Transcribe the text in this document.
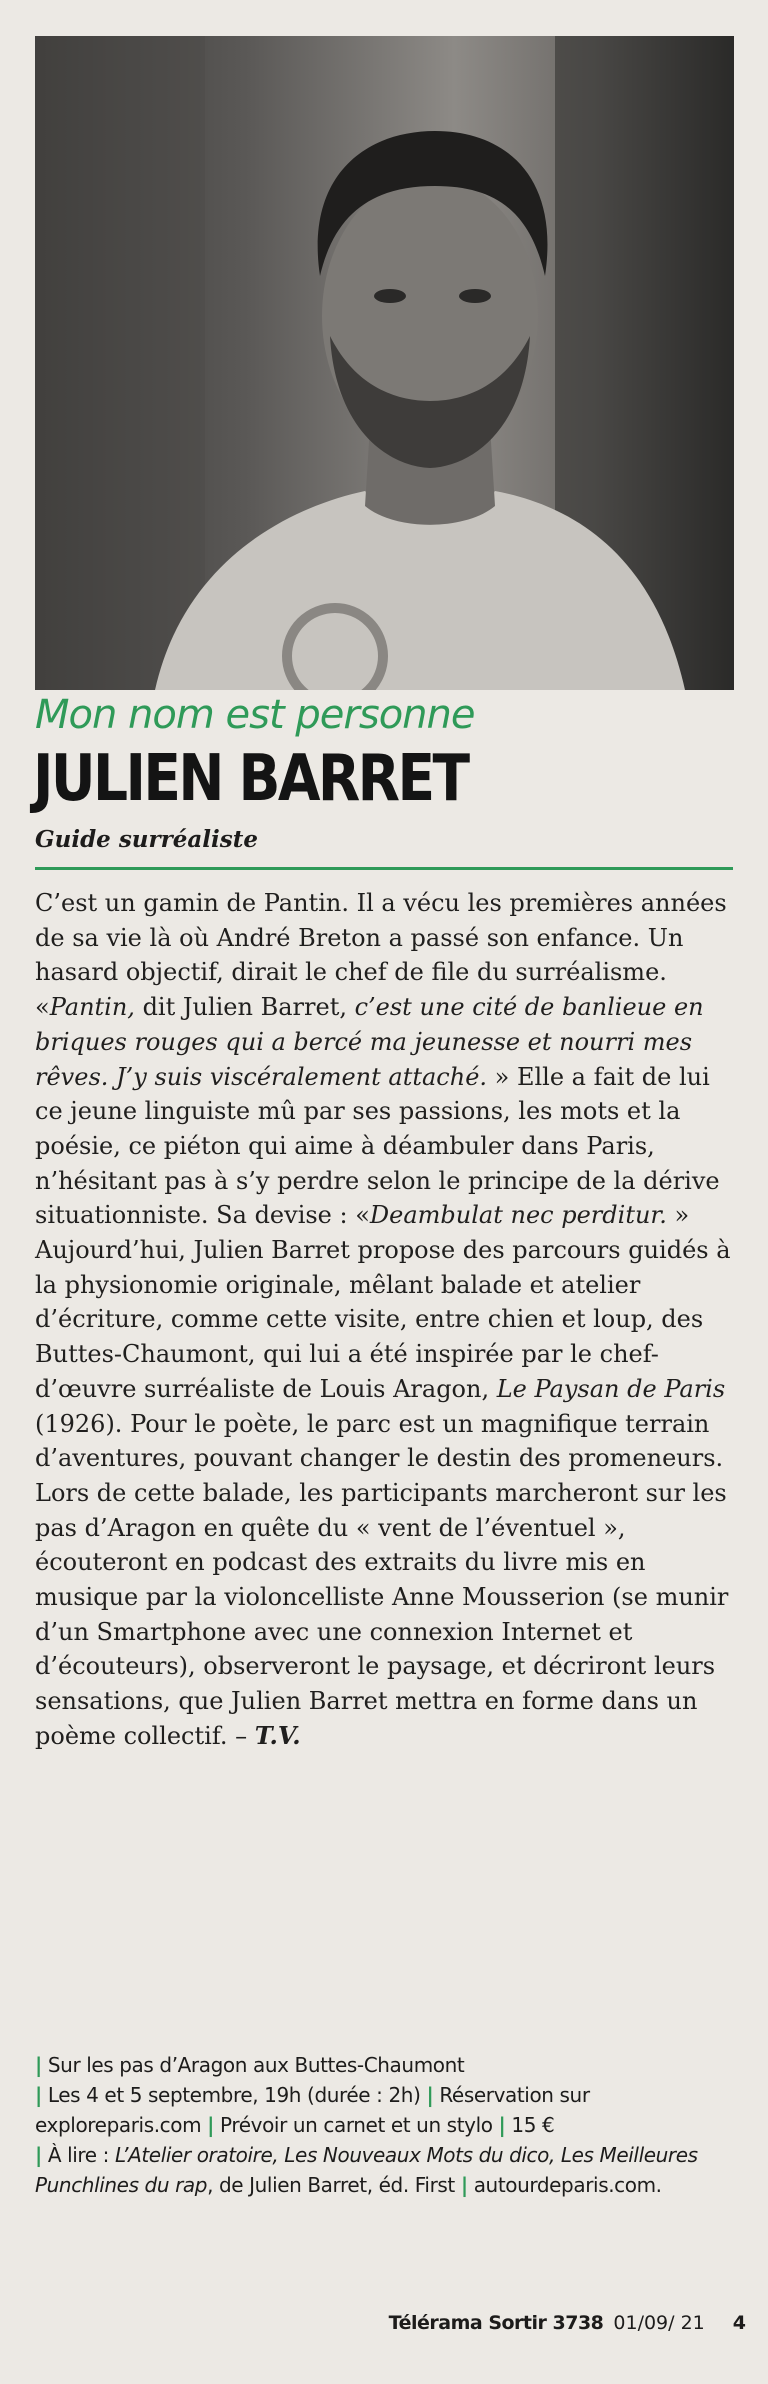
Mon nom est personne
JULIEN BARRET
Guide surréaliste

C’est un gamin de Pantin. Il a vécu les premières années de sa vie là où André Breton a passé son enfance. Un hasard objectif, dirait le chef de file du surréalisme. «Pantin, dit Julien Barret, c’est une cité de banlieue en briques rouges qui a bercé ma jeunesse et nourri mes rêves. J’y suis viscéralement attaché. » Elle a fait de lui ce jeune linguiste mû par ses passions, les mots et la poésie, ce piéton qui aime à déambuler dans Paris, n’hésitant pas à s’y perdre selon le principe de la dérive situationniste. Sa devise : «Deambulat nec perditur. » Aujourd’hui, Julien Barret propose des parcours guidés à la physionomie originale, mêlant balade et atelier d’écriture, comme cette visite, entre chien et loup, des Buttes-Chaumont, qui lui a été inspirée par le chef-d’œuvre surréaliste de Louis Aragon, Le Paysan de Paris (1926). Pour le poète, le parc est un magnifique terrain d’aventures, pouvant changer le destin des promeneurs. Lors de cette balade, les participants marcheront sur les pas d’Aragon en quête du « vent de l’éventuel », écouteront en podcast des extraits du livre mis en musique par la violoncelliste Anne Mousserion (se munir d’un Smartphone avec une connexion Internet et d’écouteurs), observeront le paysage, et décriront leurs sensations, que Julien Barret mettra en forme dans un poème collectif. – T.V.

| Sur les pas d’Aragon aux Buttes-Chaumont
| Les 4 et 5 septembre, 19h (durée : 2h) | Réservation sur exploreparis.com | Prévoir un carnet et un stylo | 15 €
| À lire : L’Atelier oratoire, Les Nouveaux Mots du dico, Les Meilleures Punchlines du rap, de Julien Barret, éd. First | autourdeparis.com.
Télérama Sortir 3738 01/09/ 21 4
